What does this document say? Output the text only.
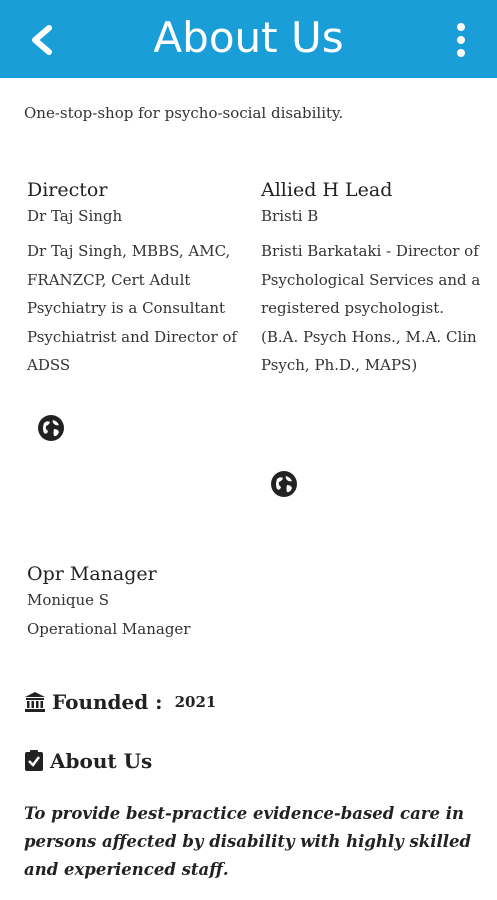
About Us
One-stop-shop for psycho-social disability.
Director
Dr Taj Singh
Dr Taj Singh, MBBS, AMC, FRANZCP, Cert Adult Psychiatry is a Consultant Psychiatrist and Director of ADSS
Allied H Lead
Bristi B
Bristi Barkataki - Director of Psychological Services and a registered psychologist. (B.A. Psych Hons., M.A. Clin Psych, Ph.D., MAPS)
Opr Manager
Monique S
Operational Manager
Founded : 2021
About Us
To provide best-practice evidence-based care in persons affected by disability with highly skilled and experienced staff.
